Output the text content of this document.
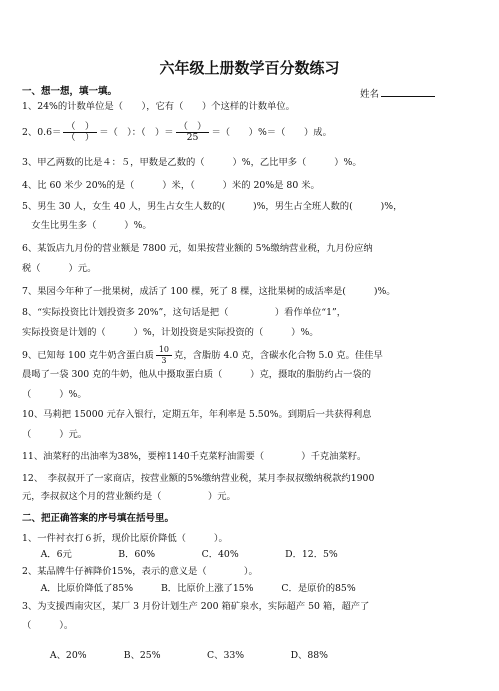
六年级上册数学百分数练习
一、想一想，填一填。	姓名
1、24%的计数单位是（　　），它有（　　）个这样的计数单位。
2、$0.6= \frac{( )}{( )}$ ＝（　）：（　）＝ $\frac{( )}{25}$ ＝（　　）%＝（　　）成。
3、甲乙两数的比是４：５，甲数是乙数的（　　　）%，乙比甲多（　　　）%。
4、比 60 米少 20%的是（　　　）米，（　　　）米的 20%是 80 米。
5、男生 30 人，女生 40 人，男生占女生人数的(　　　)%，男生占全班人数的(　　　)%，
　女生比男生多（　　　）%。
6、某饭店九月份的营业额是 7800 元，如果按营业额的 5%缴纳营业税，九月份应纳
税（　　　）元。
7、果园今年种了一批果树，成活了 100 棵，死了 8 棵，这批果树的成活率是(　　　)%。
8、“实际投资比计划投资多 20%”，这句话是把（　　　　　）看作单位“1”，
实际投资是计划的（　　　）%，计划投资是实际投资的（　　　）%。
9、已知每 100 克牛奶含蛋白质 $\frac{10}{3}$ 克，含脂肪 4.0 克，含碳水化合物 5.0 克。佳佳早
晨喝了一袋 300 克的牛奶，他从中摄取蛋白质（　　　）克，摄取的脂肪约占一袋的
（　　　）%。
10、马莉把 15000 元存入银行，定期五年，年利率是 5.50%。到期后一共获得利息
（　　　）元。
11、油菜籽的出油率为38%，要榨1140千克菜籽油需要（　　　　）千克油菜籽。
12、　李叔叔开了一家商店，按营业额的5%缴纳营业税，某月李叔叔缴纳税款约1900
元，李叔叔这个月的营业额约是（　　　　　）元。
二、把正确答案的序号填在括号里。
1、一件衬衣打６折，现价比原价降低（　　　）。
　　A．6元　　　　　B．60%　　　　　C．40%　　　　　D．12．5%
2、某品牌牛仔裤降价15%，表示的意义是（　　　　）。
　　A．比原价降低了85%　　　B．比原价上涨了15%　　　C．是原价的85%
3、为支援西南灾区，某厂 3 月份计划生产 200 箱矿泉水，实际超产 50 箱，超产了
（　　　）。
　　　A、20%　　　　B、25%　　　　　C、33%　　　　　D、88%
